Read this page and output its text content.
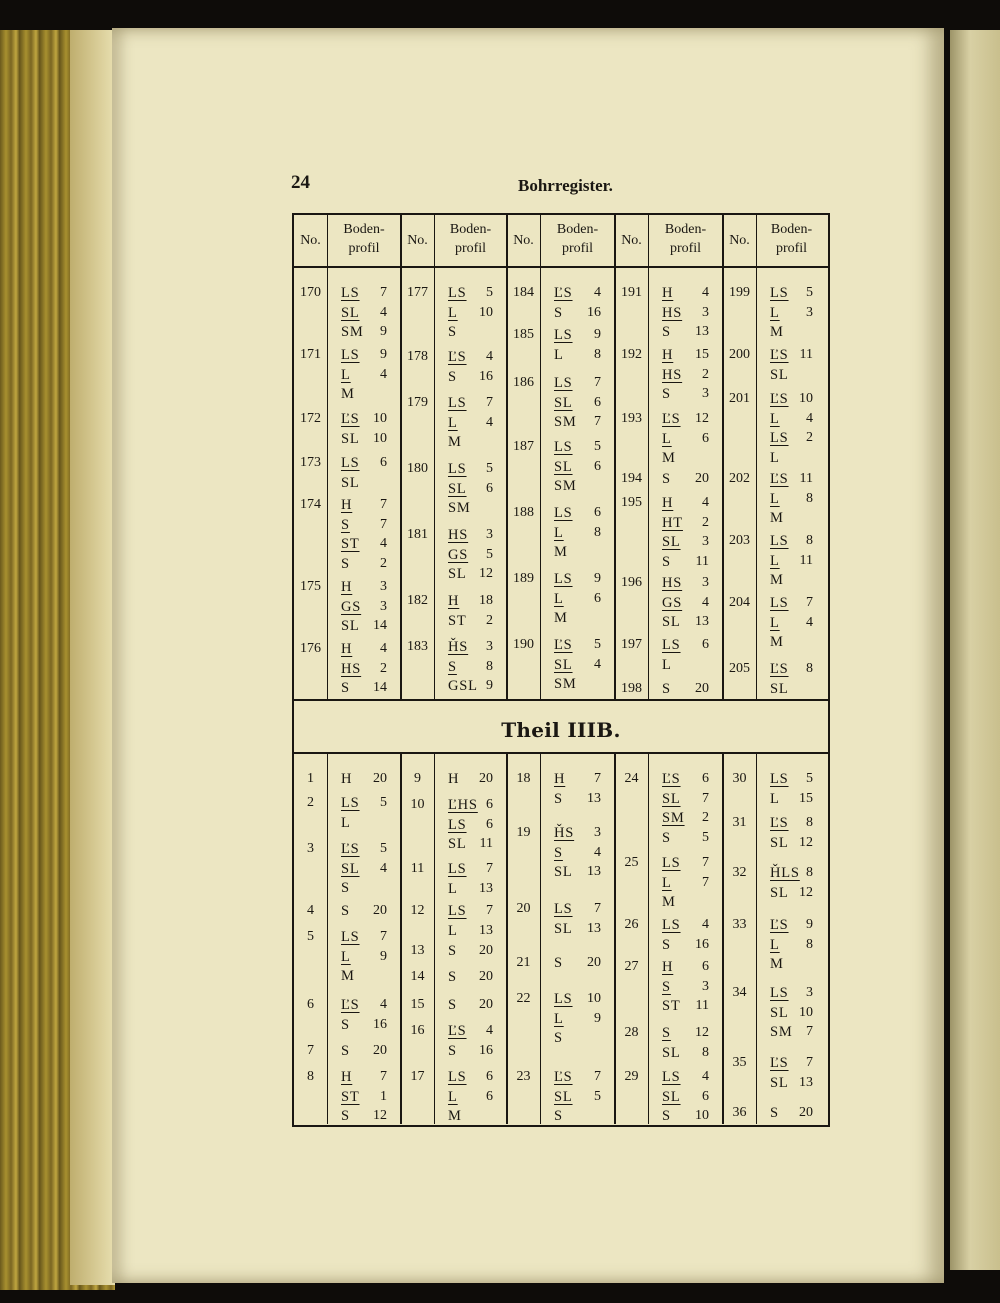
24	Bohrregister.
Theil IIIB.
No.
Boden-
profil
No.
Boden-
profil
No.
Boden-
profil
No.
Boden-
profil
No.
Boden-
profil
170	LS	7
SL	4
SM	9
171	LS	9
L	4
M
172	ĽS 10
SL 10
173	LS	6
SL
174	H	7
S	7
ST	4
S	2
175	H	3
GS	3
SL 14
176	H	4
HS	2
S	14
177	LS	5
L	10
S
178	ĽS	4
S	16
179	LS	7
L	4
M
180	LS	5
SL	6
SM
181	HS	3
GS	5
SL 12
182	H	18
ST	2
183	ȞS	3
S	8
GSL 9
184	ĽS	4
S	16
185	LS	9
L	8
186	LS	7
SL	6
SM	7
187	LS	5
SL	6
SM
188	LS	6
L	8
M
189	LS	9
L	6
M
190	ĽS	5
SL	4
SM
191	H	4
HS	3
S	13
192	H	15
HS	2
S	3
193	ĽS	12
L	6
M
194	S	20
195	H	4
HT	2
SL	3
S	11
196	HS	3
GS	4
SL	13
197	LS	6
L
198	S	20
199	LS	5
L	3
M
200	ĽS 11
SL
201	ĽS 10
L	4
LS	2
L
202	ĽS 11
L	8
M
203	LS	8
L	11
M
204	LS	7
L	4
M
205	ĽS	8
SL
1	H	20
2	LS	5
L
3	ĽS	5
SL	4
S
4	S	20
5	LS	7
L	9
M
6	ĽS	4
S	16
7	S	20
8	H	7
ST	1
S	12
9	H	20
10	ĽHS 6
LS	6
SL 11
11	LS	7
L	13
12	LS	7
L	13
13	S	20
14	S	20
15	S	20
16	ĽS	4
S	16
17	LS	6
L	6
M
18	H	7
S	13
19	ȞS	3
S	4
SL	13
20	LS	7
SL	13
21	S	20
22	LS	10
L	9
S
23	ĽS	7
SL	5
S
24	ĽS	6
SL	7
SM	2
S	5
25	LS	7
L	7
M
26	LS	4
S	16
27	H	6
S	3
ST	11
28	S	12
SL	8
29	LS	4
SL	6
S	10
30	LS	5
L	15
31	ĽS	8
SL 12
32	ȞLS 8
SL 12
33	ĽS	9
L	8
M
34	LS	3
SL 10
SM 7
35	ĽS	7
SL 13
36	S	20
